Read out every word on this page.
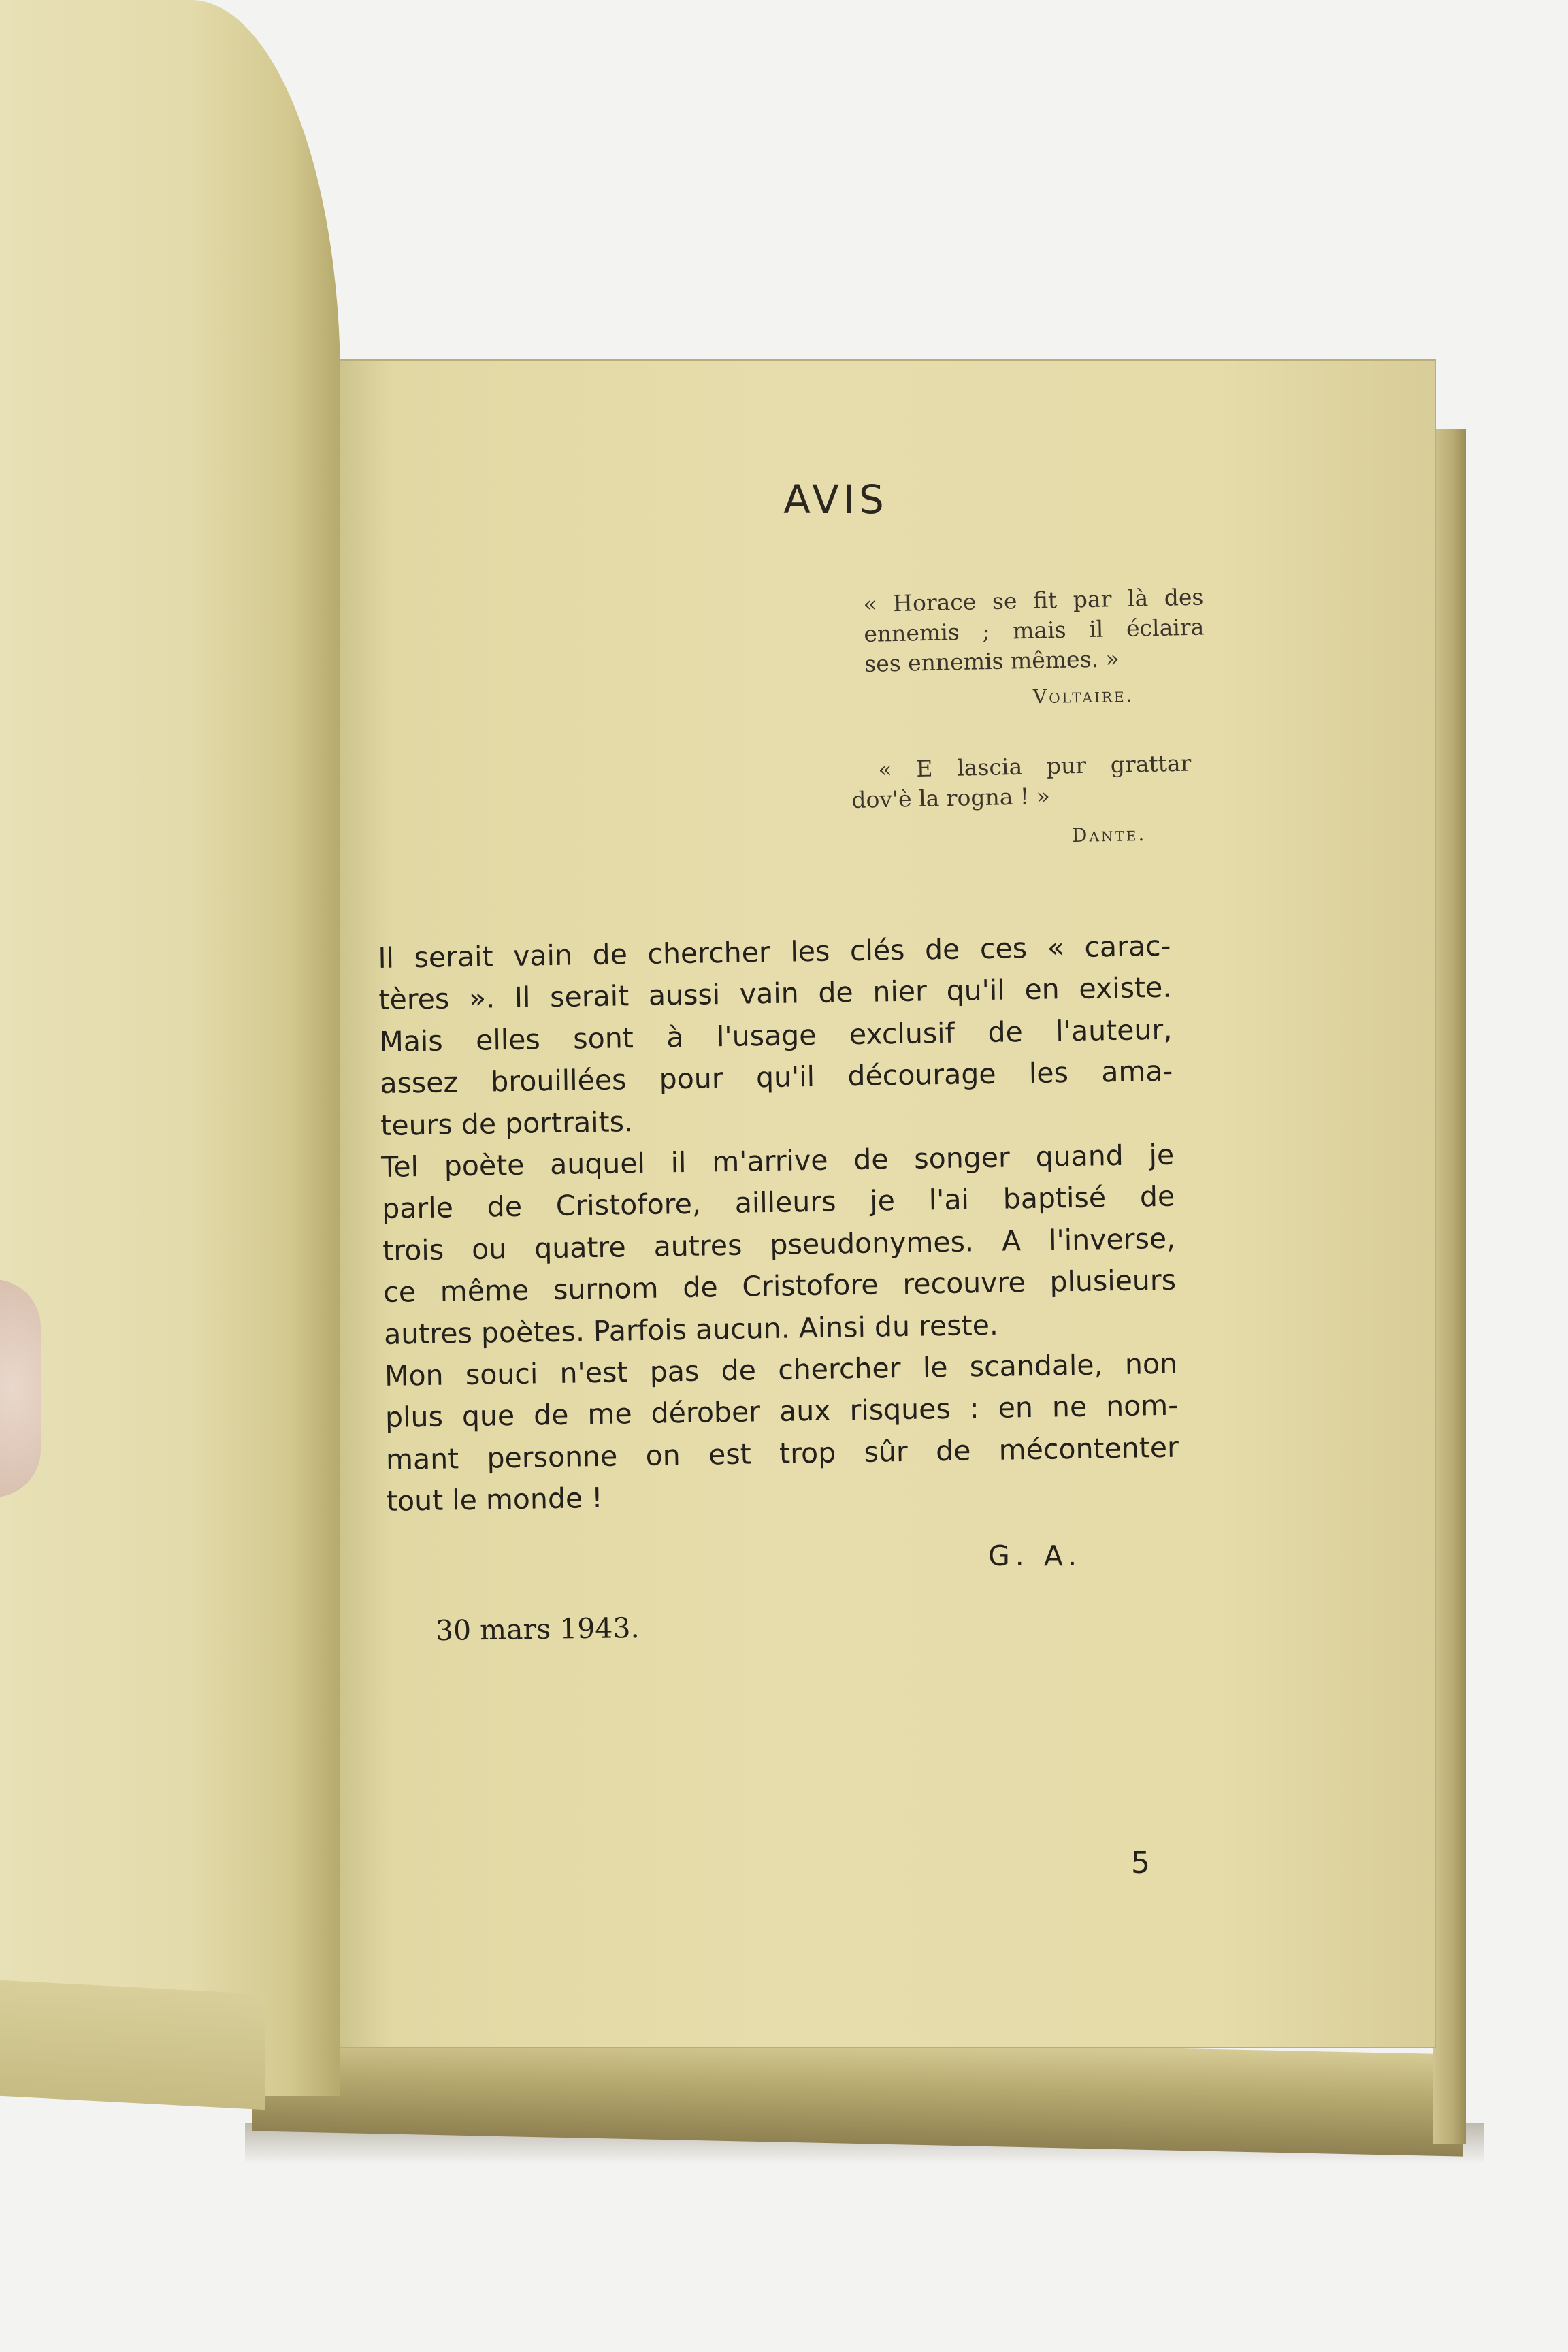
AVIS
« Horace se fit par là des
ennemis ; mais il éclaira
ses ennemis mêmes. »
Voltaire.
« E lascia pur grattar
dov'è la rogna ! »
Dante.
Il serait vain de chercher les clés de ces « carac-
tères ». Il serait aussi vain de nier qu'il en existe.
Mais elles sont à l'usage exclusif de l'auteur,
assez brouillées pour qu'il décourage les ama-
teurs de portraits.
Tel poète auquel il m'arrive de songer quand je
parle de Cristofore, ailleurs je l'ai baptisé de
trois ou quatre autres pseudonymes. A l'inverse,
ce même surnom de Cristofore recouvre plusieurs
autres poètes. Parfois aucun. Ainsi du reste.
Mon souci n'est pas de chercher le scandale, non
plus que de me dérober aux risques : en ne nom-
mant personne on est trop sûr de mécontenter
tout le monde !
G. A.
30 mars 1943.
5
